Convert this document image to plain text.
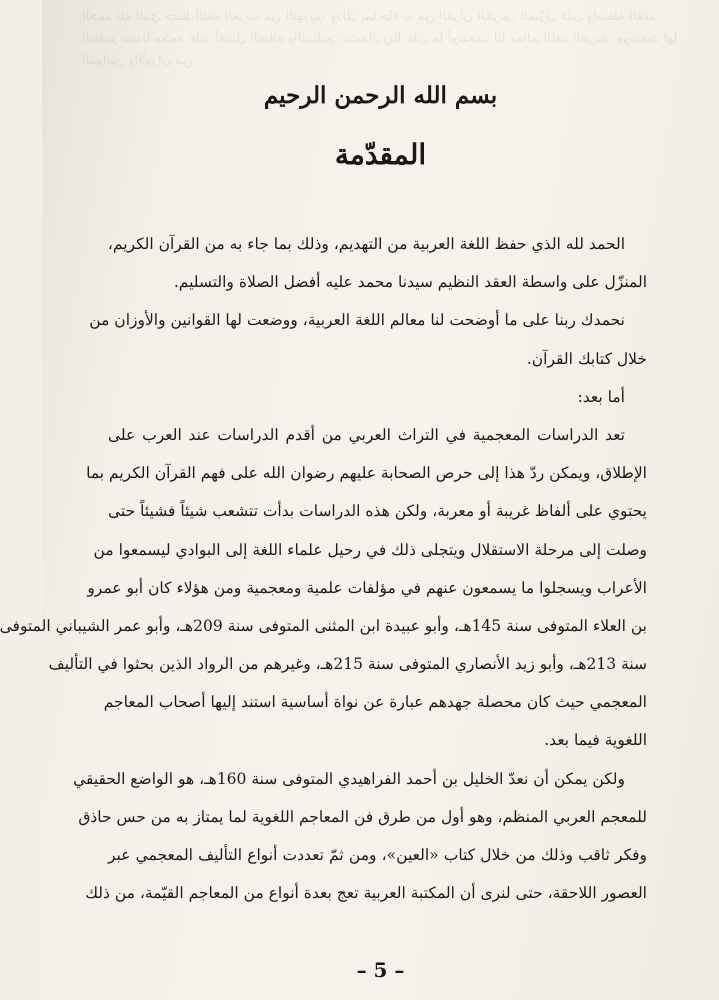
الحمد لله الذي حفظ اللغة العربية من التهديم، وذلك بما جاء به من القرآن الكريم، المنزّل على واسطة العقد النظيم سيدنا محمد عليه أفضل الصلاة والتسليم. نحمدك ربنا على ما أوضحت لنا معالم اللغة العربية، ووضعت لها القوانين والأوزان من
بسم الله الرحمن الرحيم
المقدّمة
الحمد لله الذي حفظ اللغة العربية من التهديم، وذلك بما جاء به من القرآن الكريم،
المنزّل على واسطة العقد النظيم سيدنا محمد عليه أفضل الصلاة والتسليم.
نحمدك ربنا على ما أوضحت لنا معالم اللغة العربية، ووضعت لها القوانين والأوزان من
خلال كتابك القرآن.
أما بعد:
تعد الدراسات المعجمية في التراث العربي من أقدم الدراسات عند العرب على
الإطلاق، ويمكن ردّ هذا إلى حرص الصحابة عليهم رضوان الله على فهم القرآن الكريم بما
يحتوي على ألفاظ غريبة أو معربة، ولكن هذه الدراسات بدأت تتشعب شيئاً فشيئاً حتى
وصلت إلى مرحلة الاستقلال ويتجلى ذلك في رحيل علماء اللغة إلى البوادي ليسمعوا من
الأعراب ويسجلوا ما يسمعون عنهم في مؤلفات علمية ومعجمية ومن هؤلاء كان أبو عمرو
بن العلاء المتوفى سنة 145هـ، وأبو عبيدة ابن المثنى المتوفى سنة 209هـ، وأبو عمر الشيباني المتوفى
سنة 213هـ، وأبو زيد الأنصاري المتوفى سنة 215هـ، وغيرهم من الرواد الذين بحثوا في التأليف
المعجمي حيث كان محصلة جهدهم عبارة عن نواة أساسية استند إليها أصحاب المعاجم
اللغوية فيما بعد.
ولكن يمكن أن نعدّ الخليل بن أحمد الفراهيدي المتوفى سنة 160هـ، هو الواضع الحقيقي
للمعجم العربي المنظم، وهو أول من طرق فن المعاجم اللغوية لما يمتاز به من حس حاذق
وفكر ثاقب وذلك من خلال كتاب «العين»، ومن ثمّ تعددت أنواع التأليف المعجمي عبر
العصور اللاحقة، حتى لنرى أن المكتبة العربية تعج بعدة أنواع من المعاجم القيّمة، من ذلك
– 5 –
